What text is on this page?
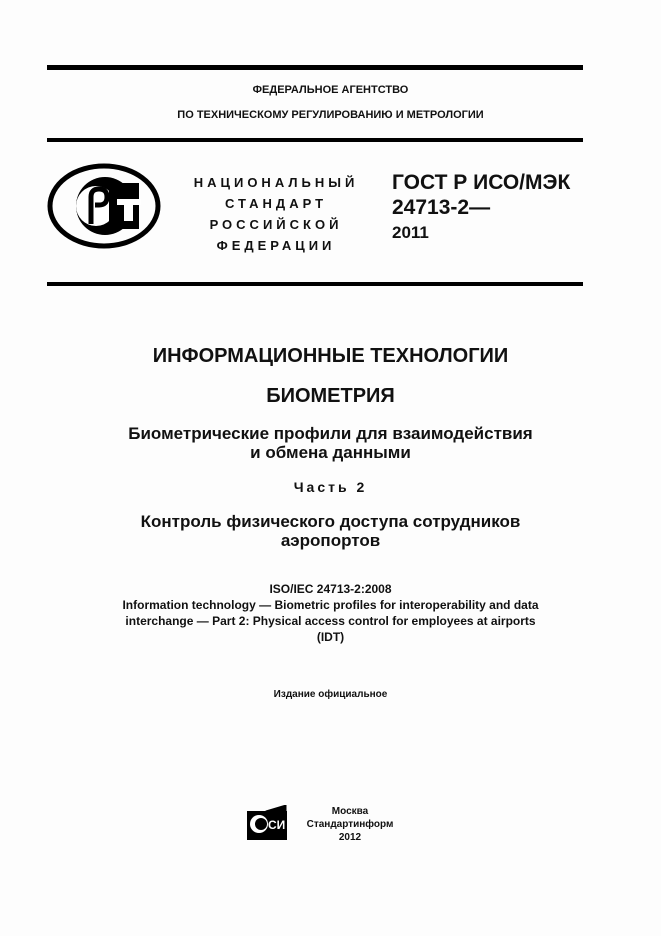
ФЕДЕРАЛЬНОЕ АГЕНТСТВО
ПО ТЕХНИЧЕСКОМУ РЕГУЛИРОВАНИЮ И МЕТРОЛОГИИ
НАЦИОНАЛЬНЫЙ
СТАНДАРТ
РОССИЙСКОЙ
ФЕДЕРАЦИИ
ГОСТ Р ИСО/МЭК
24713-2—
2011
ИНФОРМАЦИОННЫЕ ТЕХНОЛОГИИ
БИОМЕТРИЯ
Биометрические профили для взаимодействия
и обмена данными
Часть 2
Контроль физического доступа сотрудников
аэропортов
ISO/IEC 24713-2:2008
Information technology — Biometric profiles for interoperability and data
interchange — Part 2: Physical access control for employees at airports
(IDT)
Издание официальное
СИ
Москва
Стандартинформ
2012
